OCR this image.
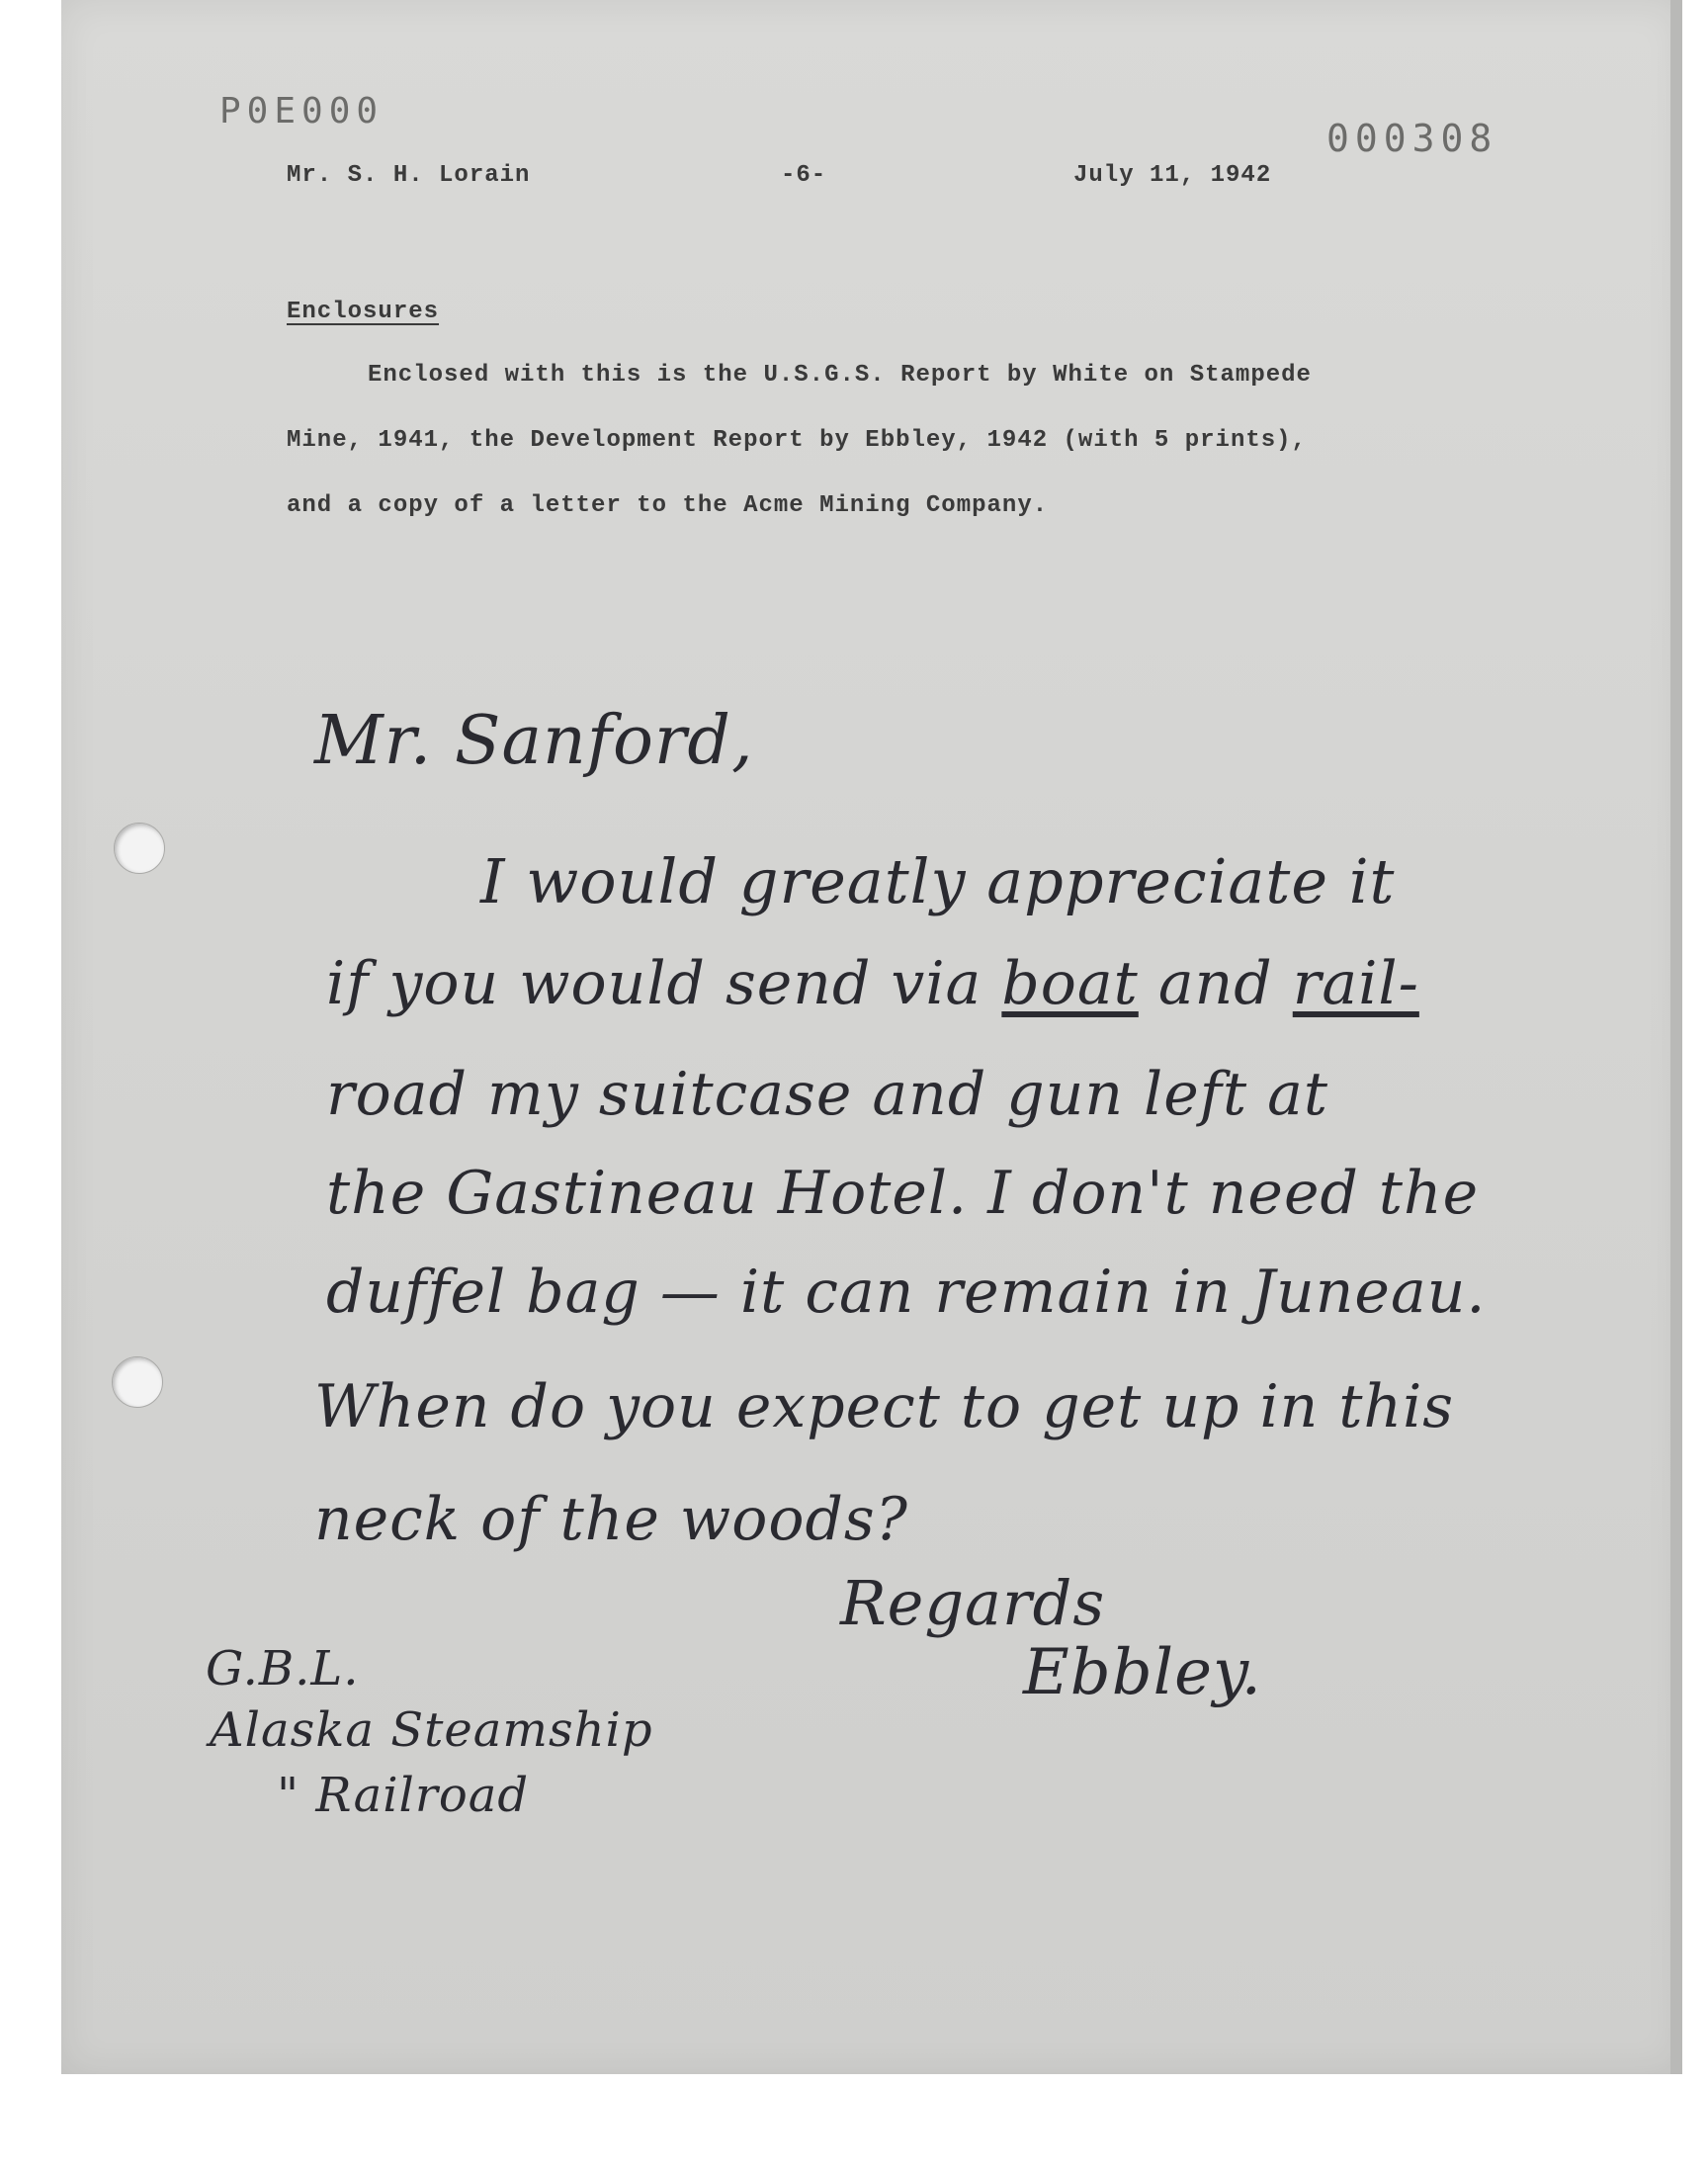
P0E000
000308
Mr. S. H. Lorain	-6-	July 11, 1942
Enclosures
Enclosed with this is the U.S.G.S. Report by White on Stampede
Mine, 1941, the Development Report by Ebbley, 1942 (with 5 prints),
and a copy of a letter to the Acme Mining Company.
Mr. Sanford,
I would greatly appreciate it
if you would send via boat and rail-
road my suitcase and gun left at
the Gastineau Hotel. I don't need the
duffel bag — it can remain in Juneau.
When do you expect to get up in this
neck of the woods?
Regards
Ebbley.
G.B.L.
Alaska Steamship
" Railroad
